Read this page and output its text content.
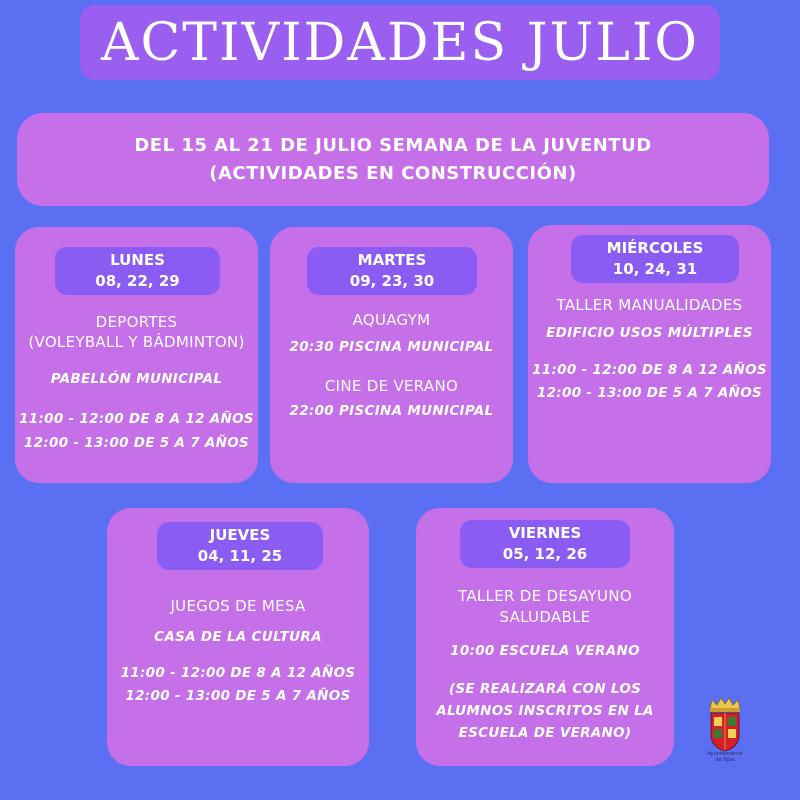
ACTIVIDADES JULIO
DEL 15 AL 21 DE JULIO SEMANA DE LA JUVENTUD
(ACTIVIDADES EN CONSTRUCCIÓN)
LUNES
08, 22, 29
DEPORTES
(VOLEYBALL Y BÁDMINTON)
PABELLÓN MUNICIPAL
11:00 - 12:00 DE 8 A 12 AÑOS
12:00 - 13:00 DE 5 A 7 AÑOS
MARTES
09, 23, 30
AQUAGYM
20:30 PISCINA MUNICIPAL
CINE DE VERANO
22:00 PISCINA MUNICIPAL
MIÉRCOLES
10, 24, 31
TALLER MANUALIDADES
EDIFICIO USOS MÚLTIPLES
11:00 - 12:00 DE 8 A 12 AÑOS
12:00 - 13:00 DE 5 A 7 AÑOS
JUEVES
04, 11, 25
JUEGOS DE MESA
CASA DE LA CULTURA
11:00 - 12:00 DE 8 A 12 AÑOS
12:00 - 13:00 DE 5 A 7 AÑOS
VIERNES
05, 12, 26
TALLER DE DESAYUNO
SALUDABLE
10:00 ESCUELA VERANO
(SE REALIZARÁ CON LOS
ALUMNOS INSCRITOS EN LA
ESCUELA DE VERANO)
Ayuntamiento
de Tobe
